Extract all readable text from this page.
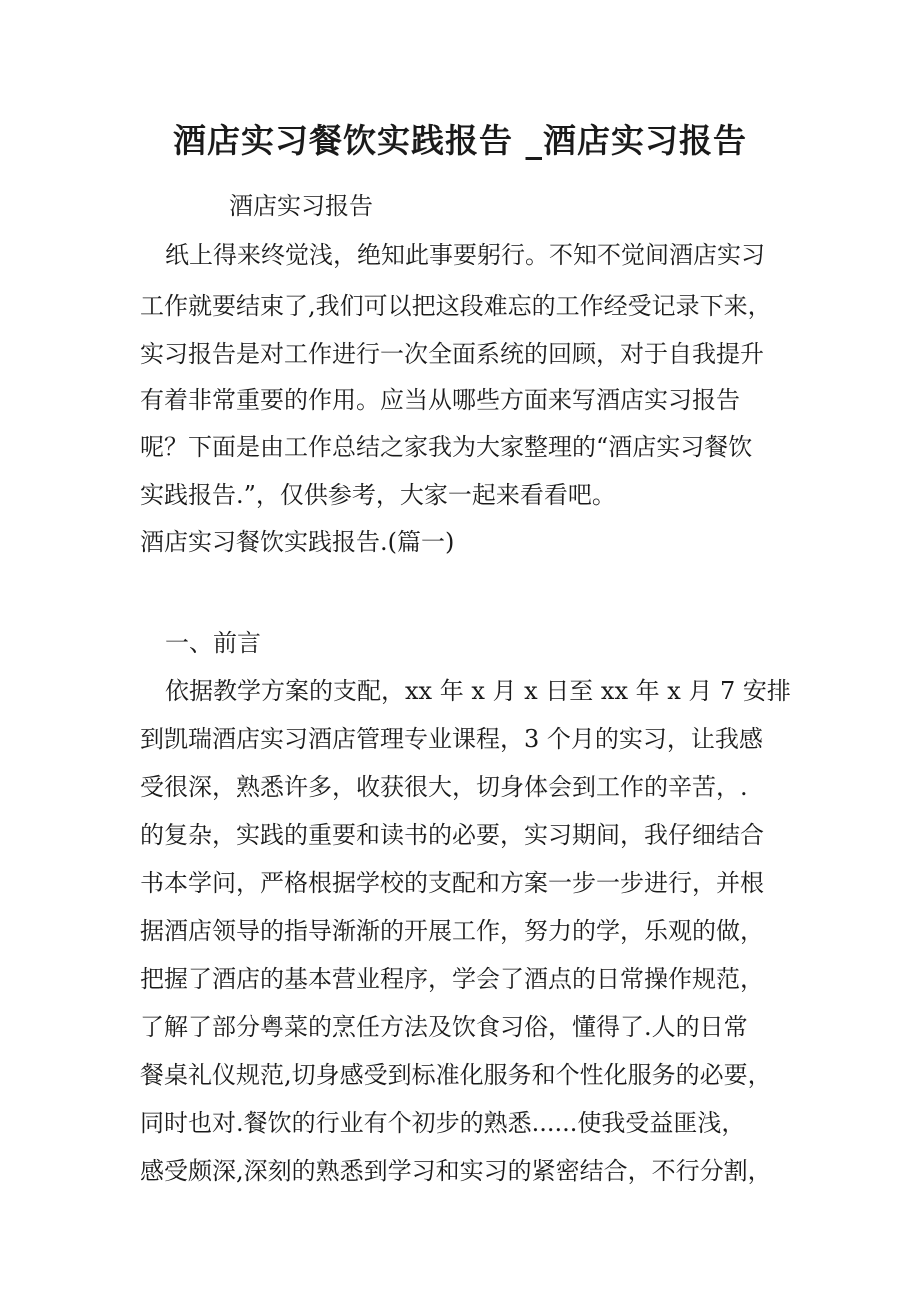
酒店实习餐饮实践报告 _酒店实习报告

酒店实习报告

纸上得来终觉浅，绝知此事要躬行。不知不觉间酒店实习

工作就要结束了,我们可以把这段难忘的工作经受记录下来，

实习报告是对工作进行一次全面系统的回顾，对于自我提升

有着非常重要的作用。应当从哪些方面来写酒店实习报告

呢？下面是由工作总结之家我为大家整理的“酒店实习餐饮

实践报告.”，仅供参考，大家一起来看看吧。

酒店实习餐饮实践报告.(篇一)

一、前言

依据教学方案的支配，xx 年 x 月 x 日至 xx 年 x 月 7 安排

到凯瑞酒店实习酒店管理专业课程，3 个月的实习，让我感

受很深，熟悉许多，收获很大，切身体会到工作的辛苦，.

的复杂，实践的重要和读书的必要，实习期间，我仔细结合

书本学问，严格根据学校的支配和方案一步一步进行，并根

据酒店领导的指导渐渐的开展工作，努力的学，乐观的做，

把握了酒店的基本营业程序，学会了酒点的日常操作规范，

了解了部分粤菜的烹任方法及饮食习俗，懂得了.人的日常

餐桌礼仪规范,切身感受到标准化服务和个性化服务的必要，

同时也对.餐饮的行业有个初步的熟悉......使我受益匪浅，

感受颇深,深刻的熟悉到学习和实习的紧密结合，不行分割，
